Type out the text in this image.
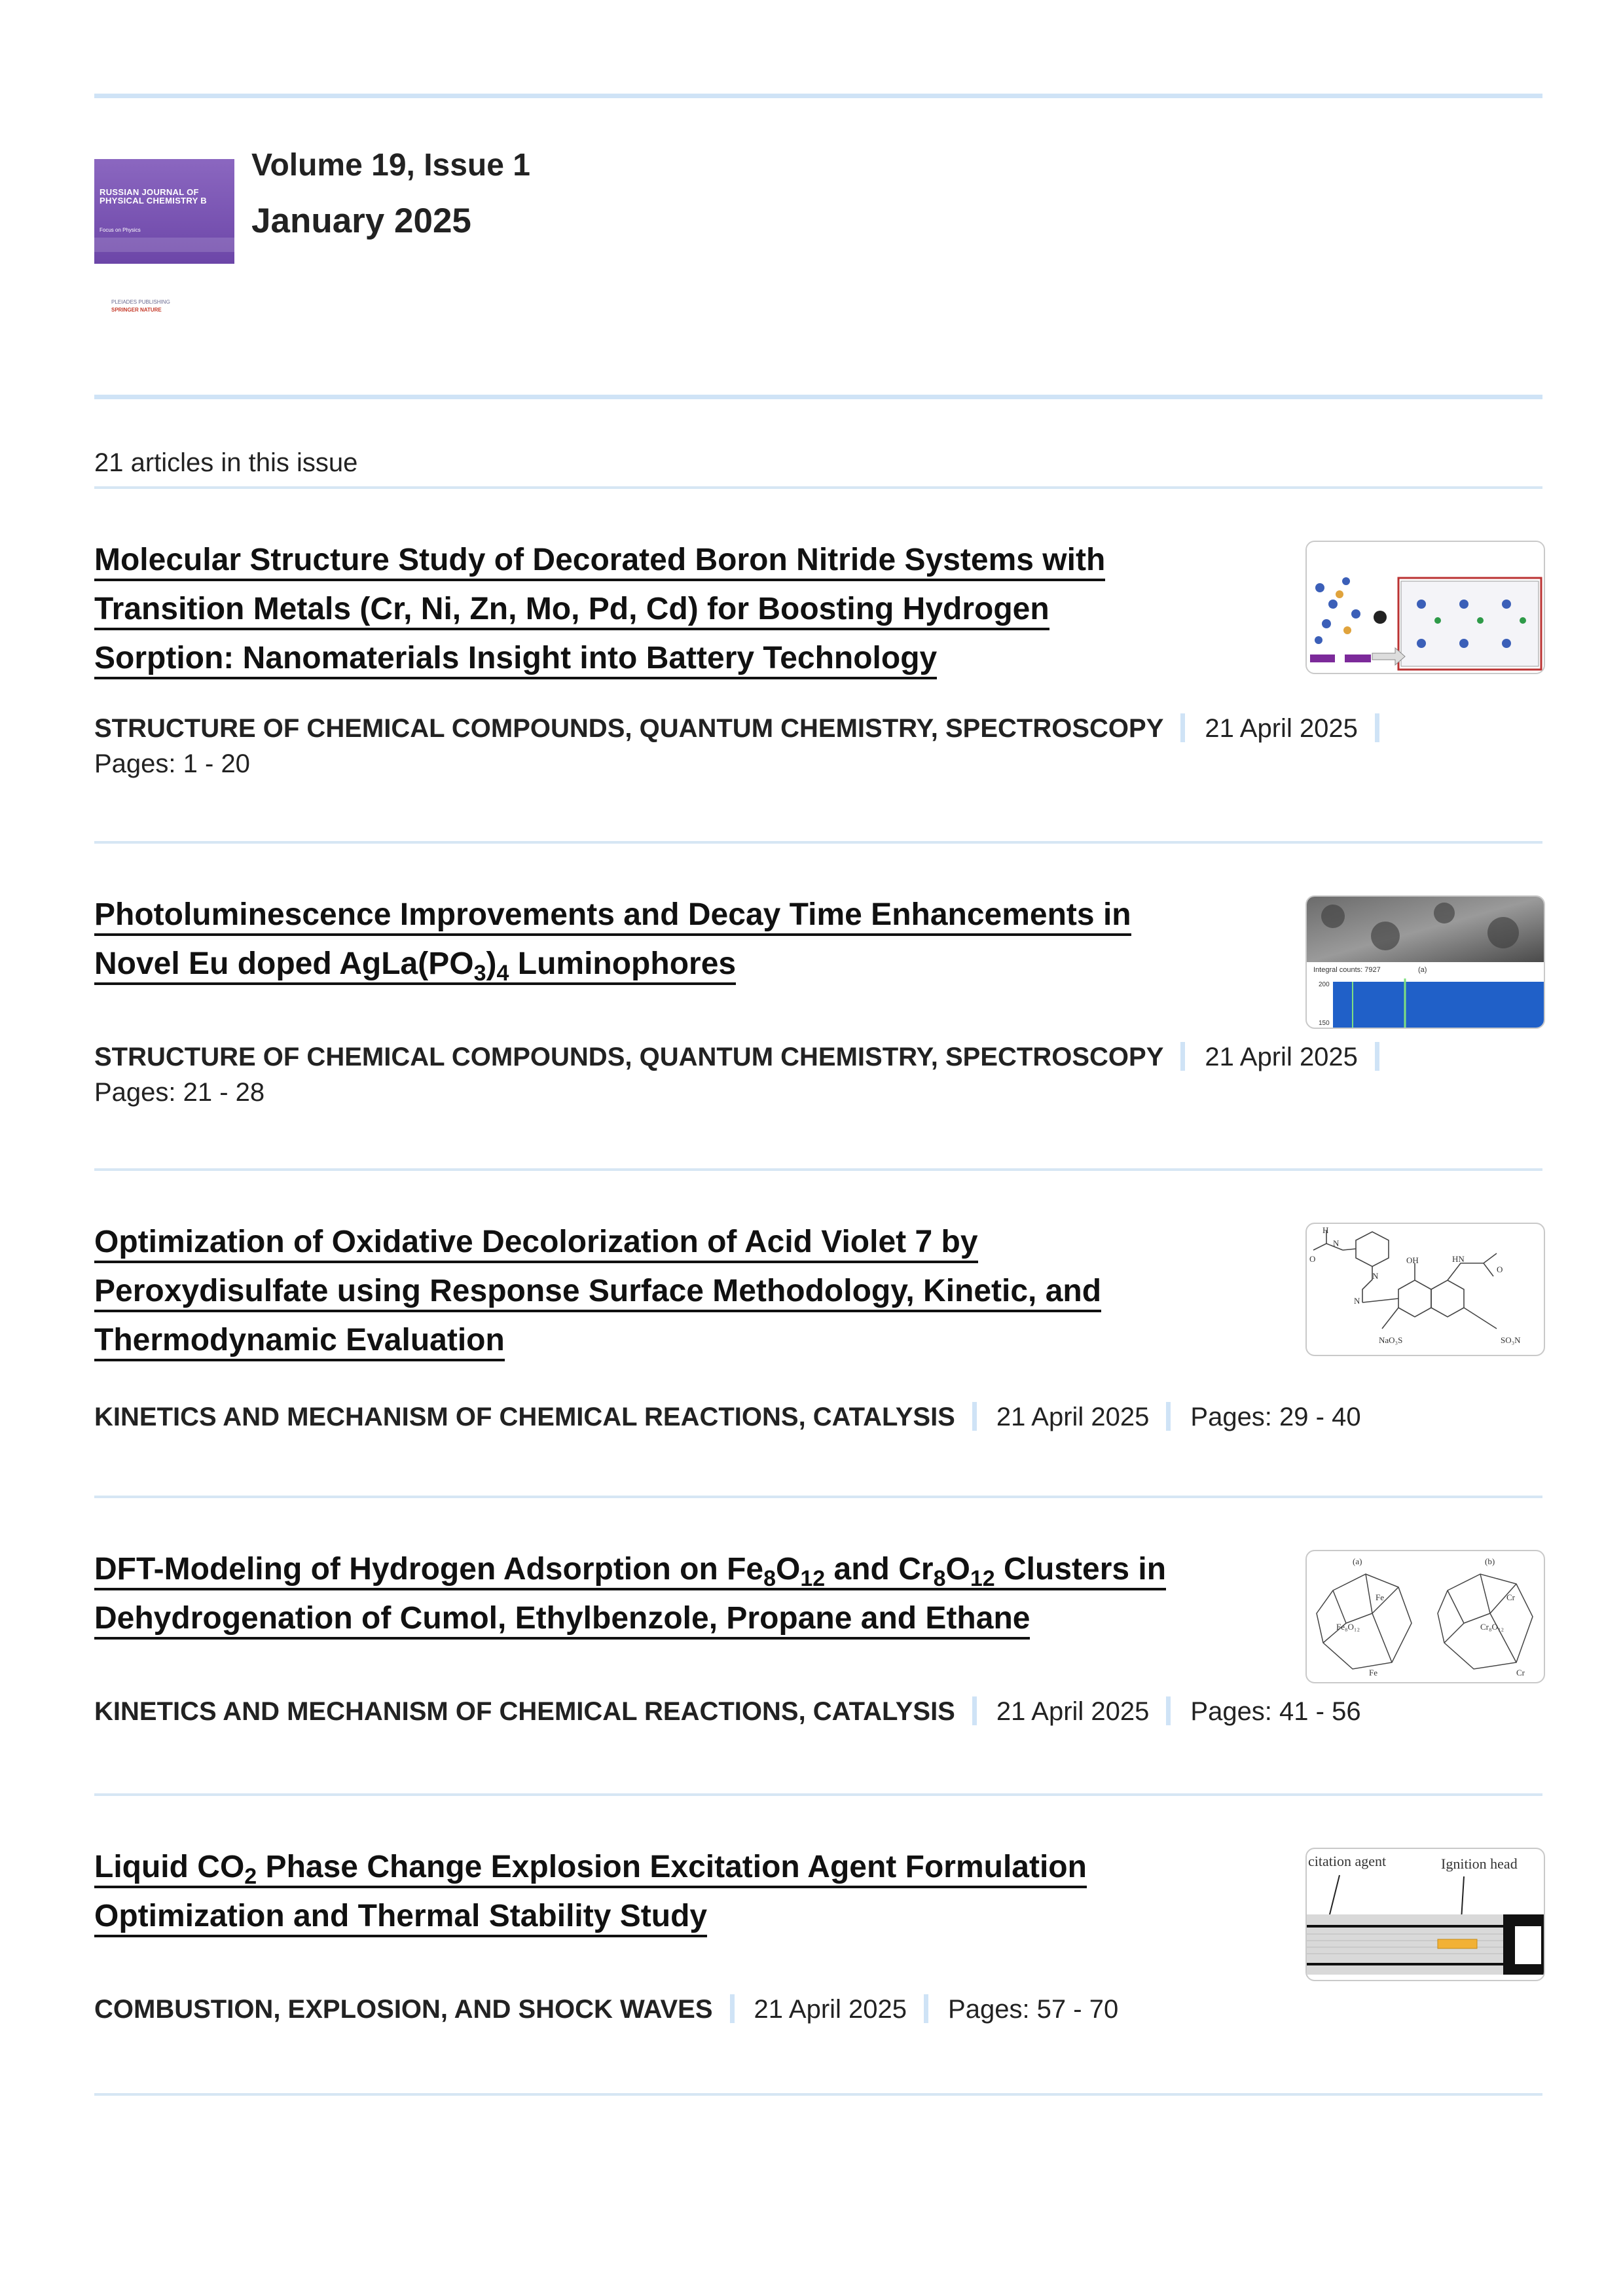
RUSSIAN JOURNAL OF PHYSICAL CHEMISTRY B
Focus on Physics
PLEIADES PUBLISHING
SPRINGER NATURE
Volume 19, Issue 1
January 2025
21 articles in this issue
Molecular Structure Study of Decorated Boron Nitride Systems with
Transition Metals (Cr, Ni, Zn, Mo, Pd, Cd) for Boosting Hydrogen
Sorption: Nanomaterials Insight into Battery Technology
STRUCTURE OF CHEMICAL COMPOUNDS, QUANTUM CHEMISTRY, SPECTROSCOPY 21 April 2025
Pages: 1 - 20
Photoluminescence Improvements and Decay Time Enhancements in
Novel Eu doped $AgLa(PO_3)_4$ Luminophores	Integral counts: 7927	(a)
200
150
STRUCTURE OF CHEMICAL COMPOUNDS, QUANTUM CHEMISTRY, SPECTROSCOPY 21 April 2025
Pages: 21 - 28
Optimization of Oxidative Decolorization of Acid Violet 7 by
Peroxydisulfate using Response Surface Methodology, Kinetic, and
Thermodynamic Evaluation
H
N
O
N
N
OH	HN
O
NaO₃S	SO₃N
KINETICS AND MECHANISM OF CHEMICAL REACTIONS, CATALYSIS 21 April 2025 Pages: 29 - 40
DFT-Modeling of Hydrogen Adsorption on $Fe_8O_{12}$ and $Cr_8O_{12}$ Clusters in
Dehydrogenation of Cumol, Ethylbenzole, Propane and Ethane
(a)	(b)
Fe
Fe₈O₁₂
Fe
Cr
Cr₈O₁₂
Cr
KINETICS AND MECHANISM OF CHEMICAL REACTIONS, CATALYSIS 21 April 2025 Pages: 41 - 56
Liquid $CO_2$ Phase Change Explosion Excitation Agent Formulation
Optimization and Thermal Stability Study
citation agent	Ignition head
COMBUSTION, EXPLOSION, AND SHOCK WAVES 21 April 2025 Pages: 57 - 70
